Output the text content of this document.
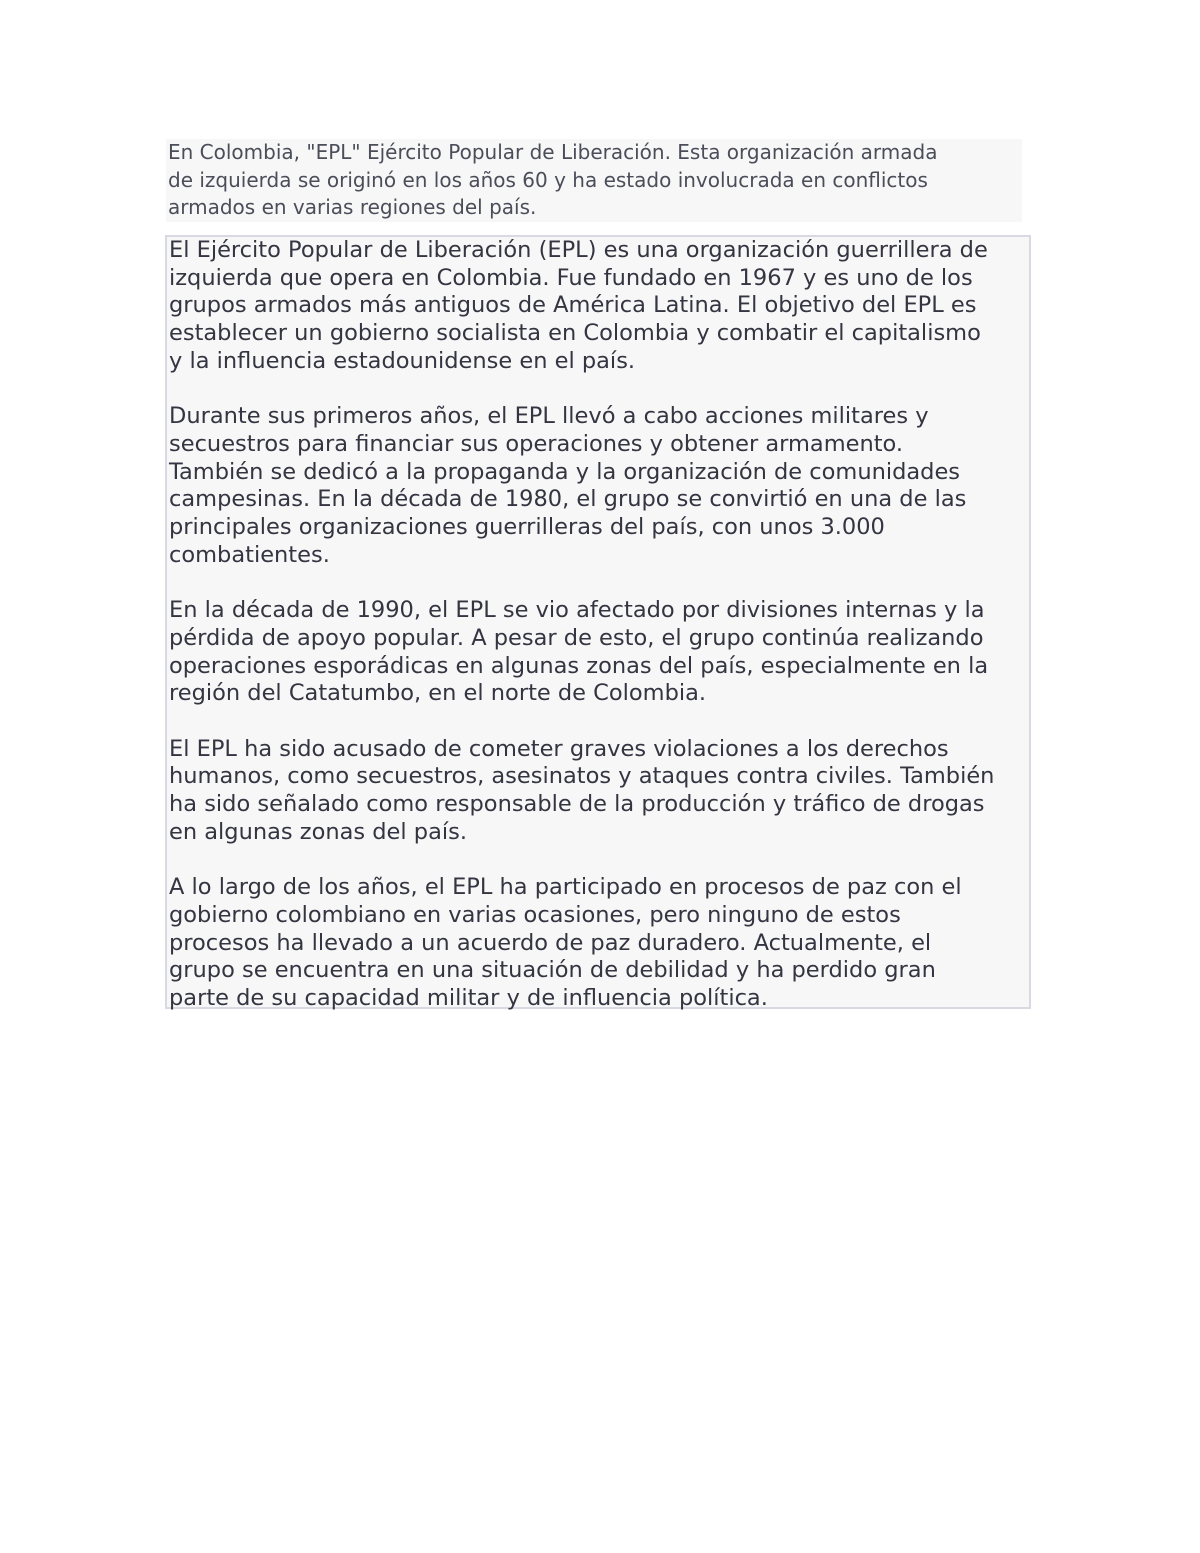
En Colombia, "EPL" Ejército Popular de Liberación. Esta organización armada
de izquierda se originó en los años 60 y ha estado involucrada en conflictos
armados en varias regiones del país.

El Ejército Popular de Liberación (EPL) es una organización guerrillera de
izquierda que opera en Colombia. Fue fundado en 1967 y es uno de los
grupos armados más antiguos de América Latina. El objetivo del EPL es
establecer un gobierno socialista en Colombia y combatir el capitalismo
y la influencia estadounidense en el país.

Durante sus primeros años, el EPL llevó a cabo acciones militares y
secuestros para financiar sus operaciones y obtener armamento.
También se dedicó a la propaganda y la organización de comunidades
campesinas. En la década de 1980, el grupo se convirtió en una de las
principales organizaciones guerrilleras del país, con unos 3.000
combatientes.

En la década de 1990, el EPL se vio afectado por divisiones internas y la
pérdida de apoyo popular. A pesar de esto, el grupo continúa realizando
operaciones esporádicas en algunas zonas del país, especialmente en la
región del Catatumbo, en el norte de Colombia.

El EPL ha sido acusado de cometer graves violaciones a los derechos
humanos, como secuestros, asesinatos y ataques contra civiles. También
ha sido señalado como responsable de la producción y tráfico de drogas
en algunas zonas del país.

A lo largo de los años, el EPL ha participado en procesos de paz con el
gobierno colombiano en varias ocasiones, pero ninguno de estos
procesos ha llevado a un acuerdo de paz duradero. Actualmente, el
grupo se encuentra en una situación de debilidad y ha perdido gran
parte de su capacidad militar y de influencia política.
